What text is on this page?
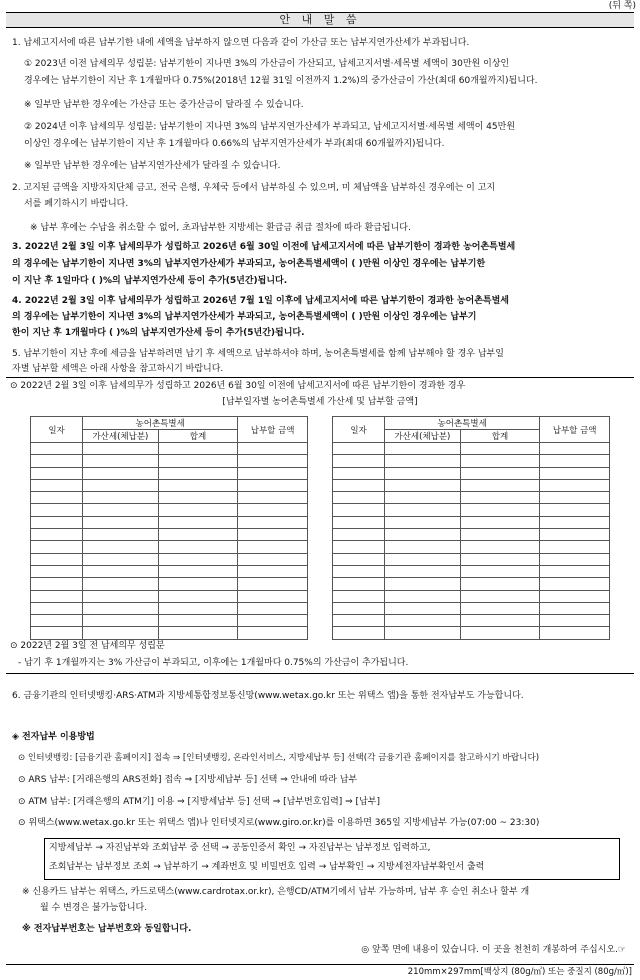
(뒤 쪽)
안 내 말 씀
1. 납세고지서에 따른 납부기한 내에 세액을 납부하지 않으면 다음과 같이 가산금 또는 납부지연가산세가 부과됩니다.
① 2023년 이전 납세의무 성립분: 납부기한이 지나면 3%의 가산금이 가산되고, 납세고지서별·세목별 세액이 30만원 이상인
경우에는 납부기한이 지난 후 1개월마다 0.75%(2018년 12월 31일 이전까지 1.2%)의 중가산금이 가산(최대 60개월까지)됩니다.
※ 일부만 납부한 경우에는 가산금 또는 중가산금이 달라질 수 있습니다.
② 2024년 이후 납세의무 성립분: 납부기한이 지나면 3%의 납부지연가산세가 부과되고, 납세고지서별·세목별 세액이 45만원
이상인 경우에는 납부기한이 지난 후 1개월마다 0.66%의 납부지연가산세가 부과(최대 60개월까지)됩니다.
※ 일부만 납부한 경우에는 납부지연가산세가 달라질 수 있습니다.
2. 고지된 금액을 지방자치단체 금고, 전국 은행, 우체국 등에서 납부하실 수 있으며, 미 체납액을 납부하신 경우에는 이 고지
서를 폐기하시기 바랍니다.
※ 납부 후에는 수납을 취소할 수 없어, 초과납부한 지방세는 환급금 취급 절차에 따라 환급됩니다.
3. 2022년 2월 3일 이후 납세의무가 성립하고 2026년 6월 30일 이전에 납세고지서에 따른 납부기한이 경과한 농어촌특별세
의 경우에는 납부기한이 지나면 3%의 납부지연가산세가 부과되고, 농어촌특별세액이 ( )만원 이상인 경우에는 납부기한
이 지난 후 1일마다 ( )%의 납부지연가산세 등이 추가(5년간)됩니다.
4. 2022년 2월 3일 이후 납세의무가 성립하고 2026년 7월 1일 이후에 납세고지서에 따른 납부기한이 경과한 농어촌특별세
의 경우에는 납부기한이 지나면 3%의 납부지연가산세가 부과되고, 농어촌특별세액이 ( )만원 이상인 경우에는 납부기
한이 지난 후 1개월마다 ( )%의 납부지연가산세 등이 추가(5년간)됩니다.
5. 납부기한이 지난 후에 세금을 납부하려면 납기 후 세액으로 납부하셔야 하며, 농어촌특별세를 함께 납부해야 할 경우 납부일
자별 납부할 세액은 아래 사항을 참고하시기 바랍니다.
⊙ 2022년 2월 3일 이후 납세의무가 성립하고 2026년 6월 30일 이전에 납세고지서에 따른 납부기한이 경과한 경우
[납부일자별 농어촌특별세 가산세 및 납부할 금액]
일자	농어촌특별세		납부할 금액
	가산세(체납분)	합계	

일자	농어촌특별세		납부할 금액
	가산세(체납분)	합계	

⊙ 2022년 2월 3일 전 납세의무 성립분
- 납기 후 1개월까지는 3% 가산금이 부과되고, 이후에는 1개월마다 0.75%의 가산금이 추가됩니다.
6. 금융기관의 인터넷뱅킹·ARS·ATM과 지방세통합정보통신망(www.wetax.go.kr 또는 위택스 앱)을 통한 전자납부도 가능합니다.
◈ 전자납부 이용방법
⊙ 인터넷뱅킹: [금융기관 홈페이지] 접속 ⇒ [인터넷뱅킹, 온라인서비스, 지방세납부 등] 선택(각 금융기관 홈페이지를 참고하시기 바랍니다)
⊙ ARS 납부: [거래은행의 ARS전화] 접속 ⇒ [지방세납부 등] 선택 ⇒ 안내에 따라 납부
⊙ ATM 납부: [거래은행의 ATM기] 이용 ⇒ [지방세납부 등] 선택 ⇒ [납부번호입력] ⇒ [납부]
⊙ 위택스(www.wetax.go.kr 또는 위택스 앱)나 인터넷지로(www.giro.or.kr)를 이용하면 365일 지방세납부 가능(07:00 ~ 23:30)
지방세납부 → 자진납부와 조회납부 중 선택 → 공동인증서 확인 → 자진납부는 납부정보 입력하고,
조회납부는 납부정보 조회 → 납부하기 → 계좌번호 및 비밀번호 입력 → 납부확인 → 지방세전자납부확인서 출력
※ 신용카드 납부는 위택스, 카드로택스(www.cardrotax.or.kr), 은행CD/ATM기에서 납부 가능하며, 납부 후 승인 취소나 할부 개
월 수 변경은 불가능합니다.
※ 전자납부번호는 납부번호와 동일합니다.
◎ 앞쪽 면에 내용이 있습니다. 이 곳을 천천히 개봉하여 주십시오.☞
210mm×297mm[백상지 (80g/㎡) 또는 중질지 (80g/㎡)]
